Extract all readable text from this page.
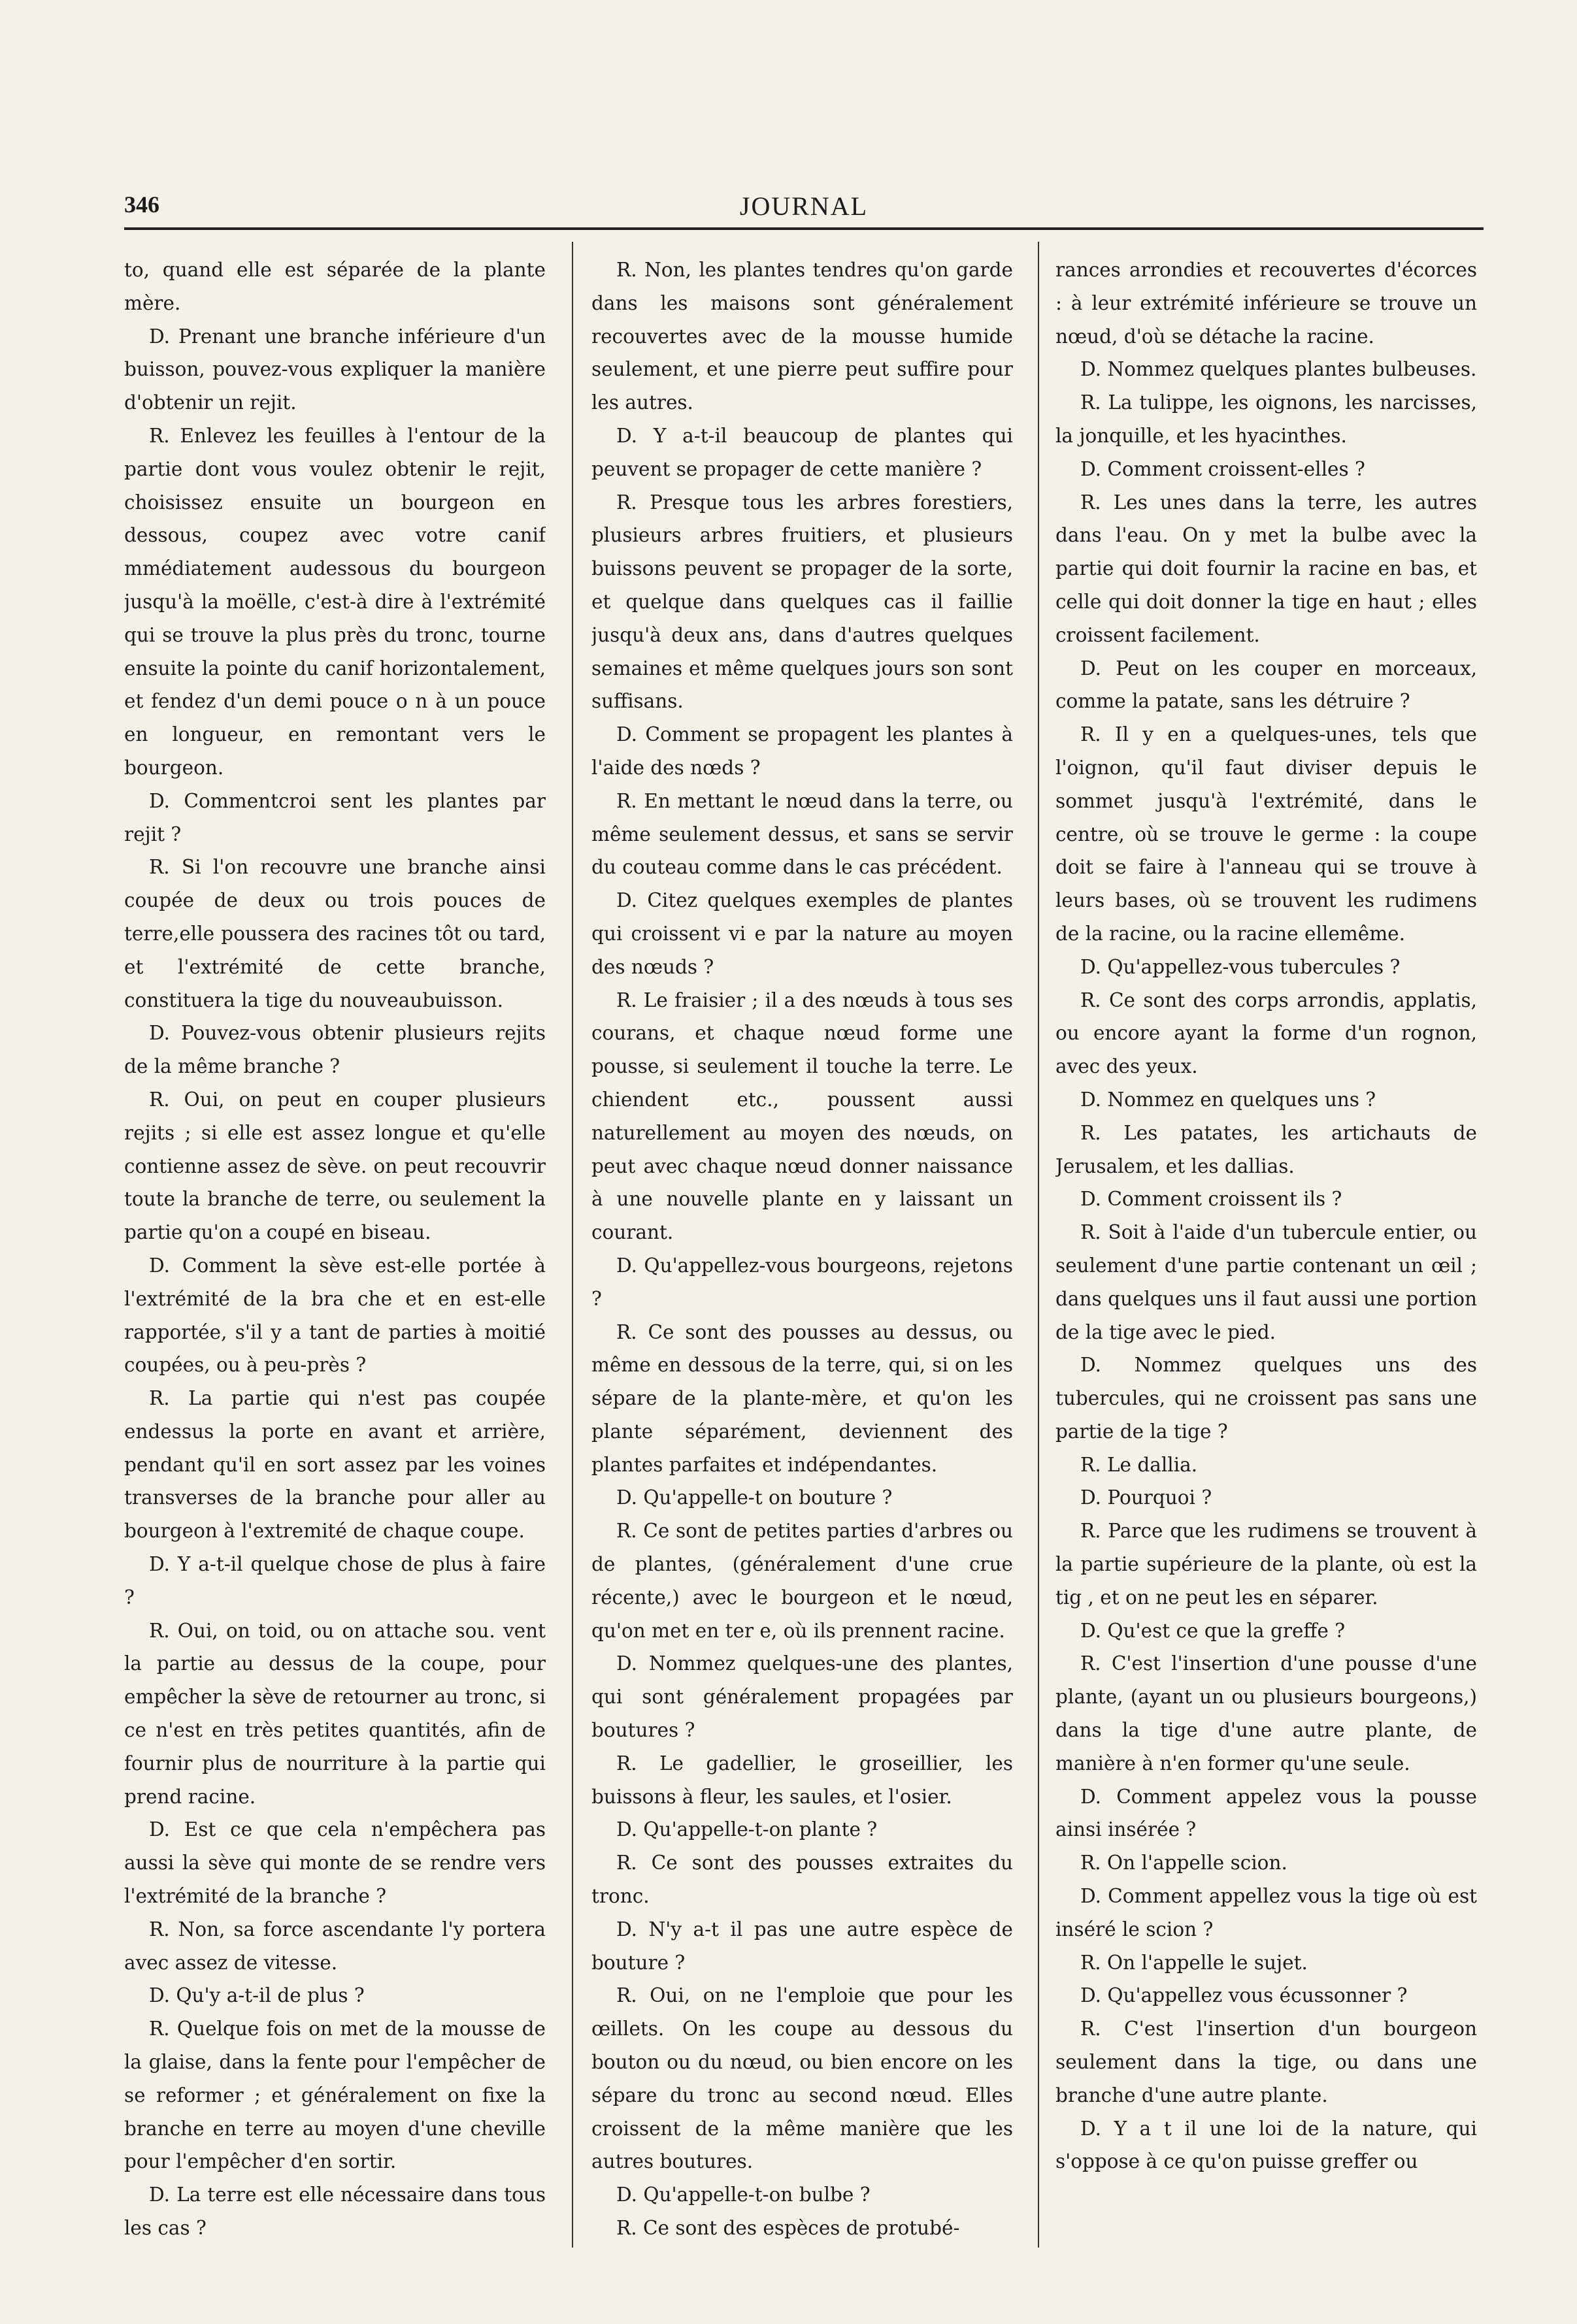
346	JOURNAL

to, quand elle est séparée de la plante mère.

D. Prenant une branche inférieure d'un buisson, pouvez-vous expliquer la manière d'obtenir un rejit.

R. Enlevez les feuilles à l'entour de la partie dont vous voulez obtenir le rejit, choisissez ensuite un bourgeon en dessous, coupez avec votre canif mmédiatement audessous du bourgeon jusqu'à la moëlle, c'est-à dire à l'extrémité qui se trouve la plus près du tronc, tourne ensuite la pointe du canif horizontalement, et fendez d'un demi pouce o n à un pouce en longueur, en remontant vers le bourgeon.

D. Commentcroi sent les plantes par rejit ?

R. Si l'on recouvre une branche ainsi coupée de deux ou trois pouces de terre,elle poussera des racines tôt ou tard, et l'extrémité de cette branche, constituera la tige du nouveaubuisson.

D. Pouvez-vous obtenir plusieurs rejits de la même branche ?

R. Oui, on peut en couper plusieurs rejits ; si elle est assez longue et qu'elle contienne assez de sève. on peut recouvrir toute la branche de terre, ou seulement la partie qu'on a coupé en biseau.

D. Comment la sève est-elle portée à l'extrémité de la bra che et en est-elle rapportée, s'il y a tant de parties à moitié coupées, ou à peu-près ?

R. La partie qui n'est pas coupée endessus la porte en avant et arrière, pendant qu'il en sort assez par les voines transverses de la branche pour aller au bourgeon à l'extremité de chaque coupe.

D. Y a-t-il quelque chose de plus à faire ?

R. Oui, on toid, ou on attache sou. vent la partie au dessus de la coupe, pour empêcher la sève de retourner au tronc, si ce n'est en très petites quantités, afin de fournir plus de nourriture à la partie qui prend racine.

D. Est ce que cela n'empêchera pas aussi la sève qui monte de se rendre vers l'extrémité de la branche ?

R. Non, sa force ascendante l'y portera avec assez de vitesse.

D. Qu'y a-t-il de plus ?

R. Quelque fois on met de la mousse de la glaise, dans la fente pour l'empêcher de se reformer ; et généralement on fixe la branche en terre au moyen d'une cheville pour l'empêcher d'en sortir.

D. La terre est elle nécessaire dans tous les cas ?

R. Non, les plantes tendres qu'on garde dans les maisons sont généralement recouvertes avec de la mousse humide seulement, et une pierre peut suffire pour les autres.

D. Y a-t-il beaucoup de plantes qui peuvent se propager de cette manière ?

R. Presque tous les arbres forestiers, plusieurs arbres fruitiers, et plusieurs buissons peuvent se propager de la sorte, et quelque dans quelques cas il faillie jusqu'à deux ans, dans d'autres quelques semaines et même quelques jours son sont suffisans.

D. Comment se propagent les plantes à l'aide des nœds ?

R. En mettant le nœud dans la terre, ou même seulement dessus, et sans se servir du couteau comme dans le cas précédent.

D. Citez quelques exemples de plantes qui croissent vi e par la nature au moyen des nœuds ?

R. Le fraisier ; il a des nœuds à tous ses courans, et chaque nœud forme une pousse, si seulement il touche la terre. Le chiendent etc., poussent aussi naturellement au moyen des nœuds, on peut avec chaque nœud donner naissance à une nouvelle plante en y laissant un courant.

D. Qu'appellez-vous bourgeons, rejetons ?

R. Ce sont des pousses au dessus, ou même en dessous de la terre, qui, si on les sépare de la plante-mère, et qu'on les plante séparément, deviennent des plantes parfaites et indépendantes.

D. Qu'appelle-t on bouture ?

R. Ce sont de petites parties d'arbres ou de plantes, (généralement d'une crue récente,) avec le bourgeon et le nœud, qu'on met en ter e, où ils prennent racine.

D. Nommez quelques-une des plantes, qui sont généralement propagées par boutures ?

R. Le gadellier, le groseillier, les buissons à fleur, les saules, et l'osier.

D. Qu'appelle-t-on plante ?

R. Ce sont des pousses extraites du tronc.

D. N'y a-t il pas une autre espèce de bouture ?

R. Oui, on ne l'emploie que pour les œillets. On les coupe au dessous du bouton ou du nœud, ou bien encore on les sépare du tronc au second nœud. Elles croissent de la même manière que les autres boutures.

D. Qu'appelle-t-on bulbe ?

R. Ce sont des espèces de protubé-

rances arrondies et recouvertes d'écorces : à leur extrémité inférieure se trouve un nœud, d'où se détache la racine.

D. Nommez quelques plantes bulbeuses.

R. La tulippe, les oignons, les narcisses, la jonquille, et les hyacinthes.

D. Comment croissent-elles ?

R. Les unes dans la terre, les autres dans l'eau. On y met la bulbe avec la partie qui doit fournir la racine en bas, et celle qui doit donner la tige en haut ; elles croissent facilement.

D. Peut on les couper en morceaux, comme la patate, sans les détruire ?

R. Il y en a quelques-unes, tels que l'oignon, qu'il faut diviser depuis le sommet jusqu'à l'extrémité, dans le centre, où se trouve le germe : la coupe doit se faire à l'anneau qui se trouve à leurs bases, où se trouvent les rudimens de la racine, ou la racine ellemême.

D. Qu'appellez-vous tubercules ?

R. Ce sont des corps arrondis, applatis, ou encore ayant la forme d'un rognon, avec des yeux.

D. Nommez en quelques uns ?

R. Les patates, les artichauts de Jerusalem, et les dallias.

D. Comment croissent ils ?

R. Soit à l'aide d'un tubercule entier, ou seulement d'une partie contenant un œil ; dans quelques uns il faut aussi une portion de la tige avec le pied.

D. Nommez quelques uns des tubercules, qui ne croissent pas sans une partie de la tige ?

R. Le dallia.

D. Pourquoi ?

R. Parce que les rudimens se trouvent à la partie supérieure de la plante, où est la tig , et on ne peut les en séparer.

D. Qu'est ce que la greffe ?

R. C'est l'insertion d'une pousse d'une plante, (ayant un ou plusieurs bourgeons,) dans la tige d'une autre plante, de manière à n'en former qu'une seule.

D. Comment appelez vous la pousse ainsi insérée ?

R. On l'appelle scion.

D. Comment appellez vous la tige où est inséré le scion ?

R. On l'appelle le sujet.

D. Qu'appellez vous écussonner ?

R. C'est l'insertion d'un bourgeon seulement dans la tige, ou dans une branche d'une autre plante.

D. Y a t il une loi de la nature, qui s'oppose à ce qu'on puisse greffer ou
